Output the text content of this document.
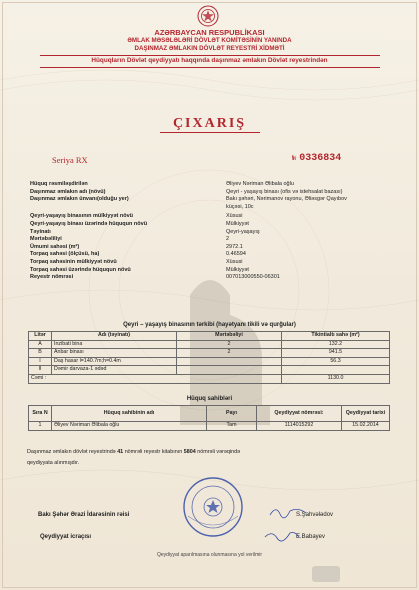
AZƏRBAYCAN RESPUBLİKASI
ƏMLAK MƏSƏLƏLƏRİ DÖVLƏT KOMİTƏSİNİN YANINDA
DAŞINMAZ ƏMLAKIN DÖVLƏT REYESTRİ XİDMƏTİ
Hüquqların Dövlət qeydiyyatı haqqında daşınmaz əmlakın Dövlət reyestrindən
ÇIXARIŞ
Seriya RX	№ 0336834
Hüquq rəsmiləşdirilən	Əliyev Nəriman Əlibala oğlu
Daşınmaz əmlakın adı (növü)	Qeyri - yaşayış binası (ofis və istehsalat bazası)
Daşınmaz əmlakın ünvanı(olduğu yer)	Bakı şəhəri, Nərimanov rayonu, Əliəsgər Qayıbov
küçəsi, 10c
Qeyri-yaşayış binasının mülkiyyət növü	Xüsusi
Qeyri-yaşayış binası üzərində hüququn növü	Mülkiyyət
Təyinatı	Qeyri-yaşayış
Mərtəbəliliyi	2
Ümumi sahəsi (m²)	2972.1
Torpaq sahəsi (ölçüsü, ha)	0.46594
Torpaq sahəsinin mülkiyyət növü	Xüsusi
Torpaq sahəsi üzərində hüququn növü	Mülkiyyət
Reyestr nömrəsi	007013000550-06301
Qeyri – yaşayış binasının tərkibi (hayətyanı tikili və qurğular)
Litər	Adı (təyinatı)	Mərtəbəliyi	Tikintialtı sahə (m²)
A	İnzibati bina	2	132.2
B	Anbar binası	2	941.5
I	Daş hasar l=140.7m;h=0.4m		56.3
II	Dəmir darvaza-1 ədəd		
Cəmi :			1130.0
Hüquq sahibləri
Sıra N	Hüquq sahibinin adı	Payı	Qeydiyyat nömrəsi:	Qeydiyyat tarixi
1	Əliyev Nəriman Əlibala oğlu	Tam	1114015292	15.02.2014
Daşınmaz əmlakın dövlət reyestrində 41 nömrəli reyestr kitabının 5804 nömrəli vərəqində
qeydiyyata alınmışdır.
Bakı Şəhər Ərazi İdarəsinin rəisi	S.Şahvələdov
Qeydiyyat icraçısı	E.Babayev
Qeydiyyat aparılmasına olunmasına yol verilmir
